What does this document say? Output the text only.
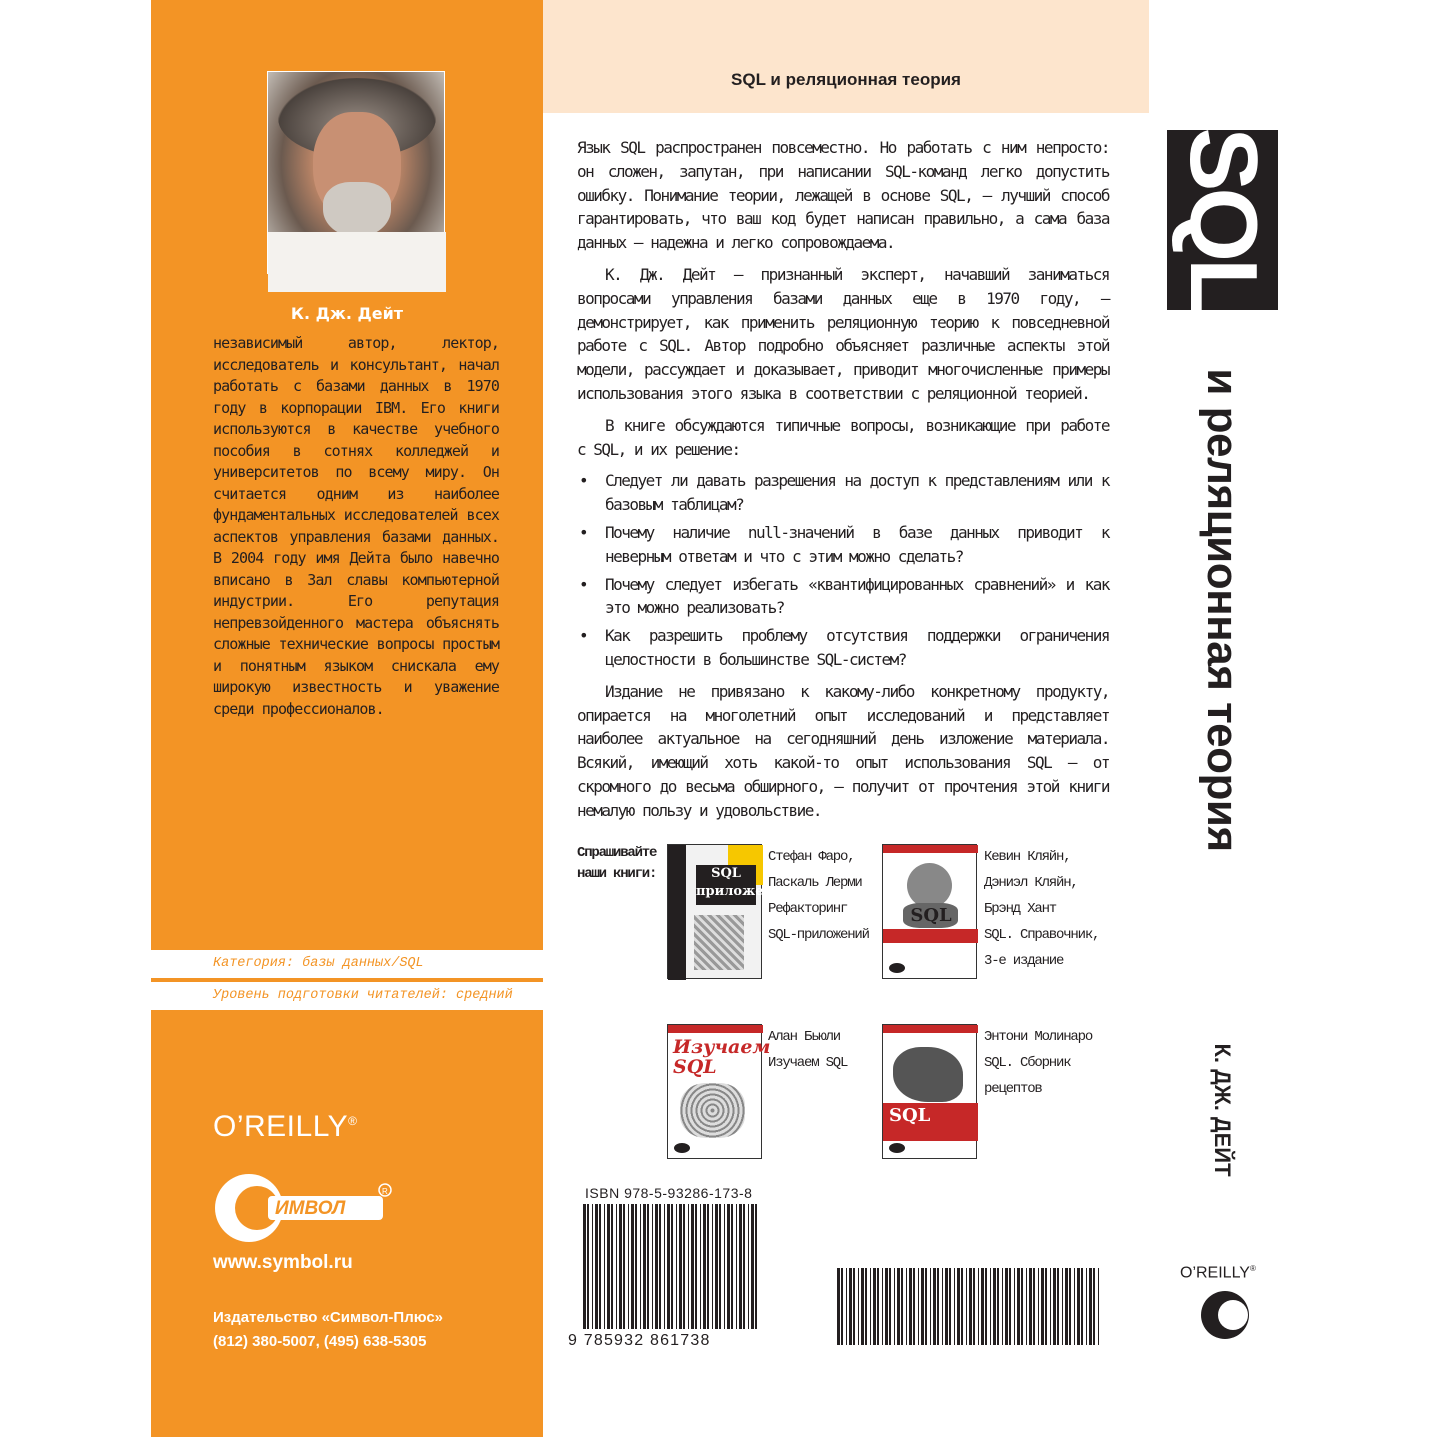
К. Дж. Дейт
независимый автор, лектор, исследователь и консультант, начал работать с базами данных в 1970 году в корпорации IBM. Его книги используются в качестве учебного пособия в сотнях колледжей и университетов по всему миру. Он считается одним из наиболее фундаментальных исследователей всех аспектов управления базами данных. В 2004 году имя Дейта было навечно вписано в Зал славы компьютерной индустрии. Его репутация непревзойденного мастера объяснять сложные технические вопросы простым и понятным языком снискала ему широкую известность и уважение среди профессионалов.
Категория: базы данных/SQL
Уровень подготовки читателей: средний
O’REILLY®
ИМВОЛ
R
www.symbol.ru
Издательство «Символ-Плюс»
(812) 380-5007, (495) 638-5305
SQL и реляционная теория

Язык SQL распространен повсеместно. Но работать с ним непросто: он сложен, запутан, при написании SQL-команд легко допустить ошибку. Понимание теории, лежащей в основе SQL, – лучший способ гарантировать, что ваш код будет написан правильно, а сама база данных – надежна и легко сопровождаема.

К. Дж. Дейт – признанный эксперт, начавший заниматься вопросами управления базами данных еще в 1970 году, – демонстрирует, как применить реляционную теорию к повседневной работе с SQL. Автор подробно объясняет различные аспекты этой модели, рассуждает и доказывает, приводит многочисленные примеры использования этого языка в соответствии с реляционной теорией.

В книге обсуждаются типичные вопросы, возникающие при работе с SQL, и их решение:

• Следует ли давать разрешения на доступ к представлениям или к базовым таблицам?
• Почему наличие null-значений в базе данных приводит к неверным ответам и что с этим можно сделать?
• Почему следует избегать «квантифицированных сравнений» и как это можно реализовать?
• Как разрешить проблему отсутствия поддержки ограничения целостности в большинстве SQL-систем?

Издание не привязано к какому-либо конкретному продукту, опирается на многолетний опыт исследований и представляет наиболее актуальное на сегодняшний день изложение материала. Всякий, имеющий хоть какой-то опыт использования SQL – от скромного до весьма обширного, – получит от прочтения этой книги немалую пользу и удовольствие.

Спрашивайте
наши книги:	SQL приложений
Стефан Фаро,
Паскаль Лерми
Рефакторинг
SQL-приложений
SQL
Кевин Кляйн,
Дэниэл Кляйн,
Брэнд Хант
SQL. Справочник,
3-е издание
Изучаем SQL
Алан Бьюли
Изучаем SQL
SQL
Энтони Молинаро
SQL. Сборник
рецептов
ISBN 978-5-93286-173-8
9 785932 861738
SQL
и реляционная теория
К. ДЖ. ДЕЙТ
O’REILLY®
